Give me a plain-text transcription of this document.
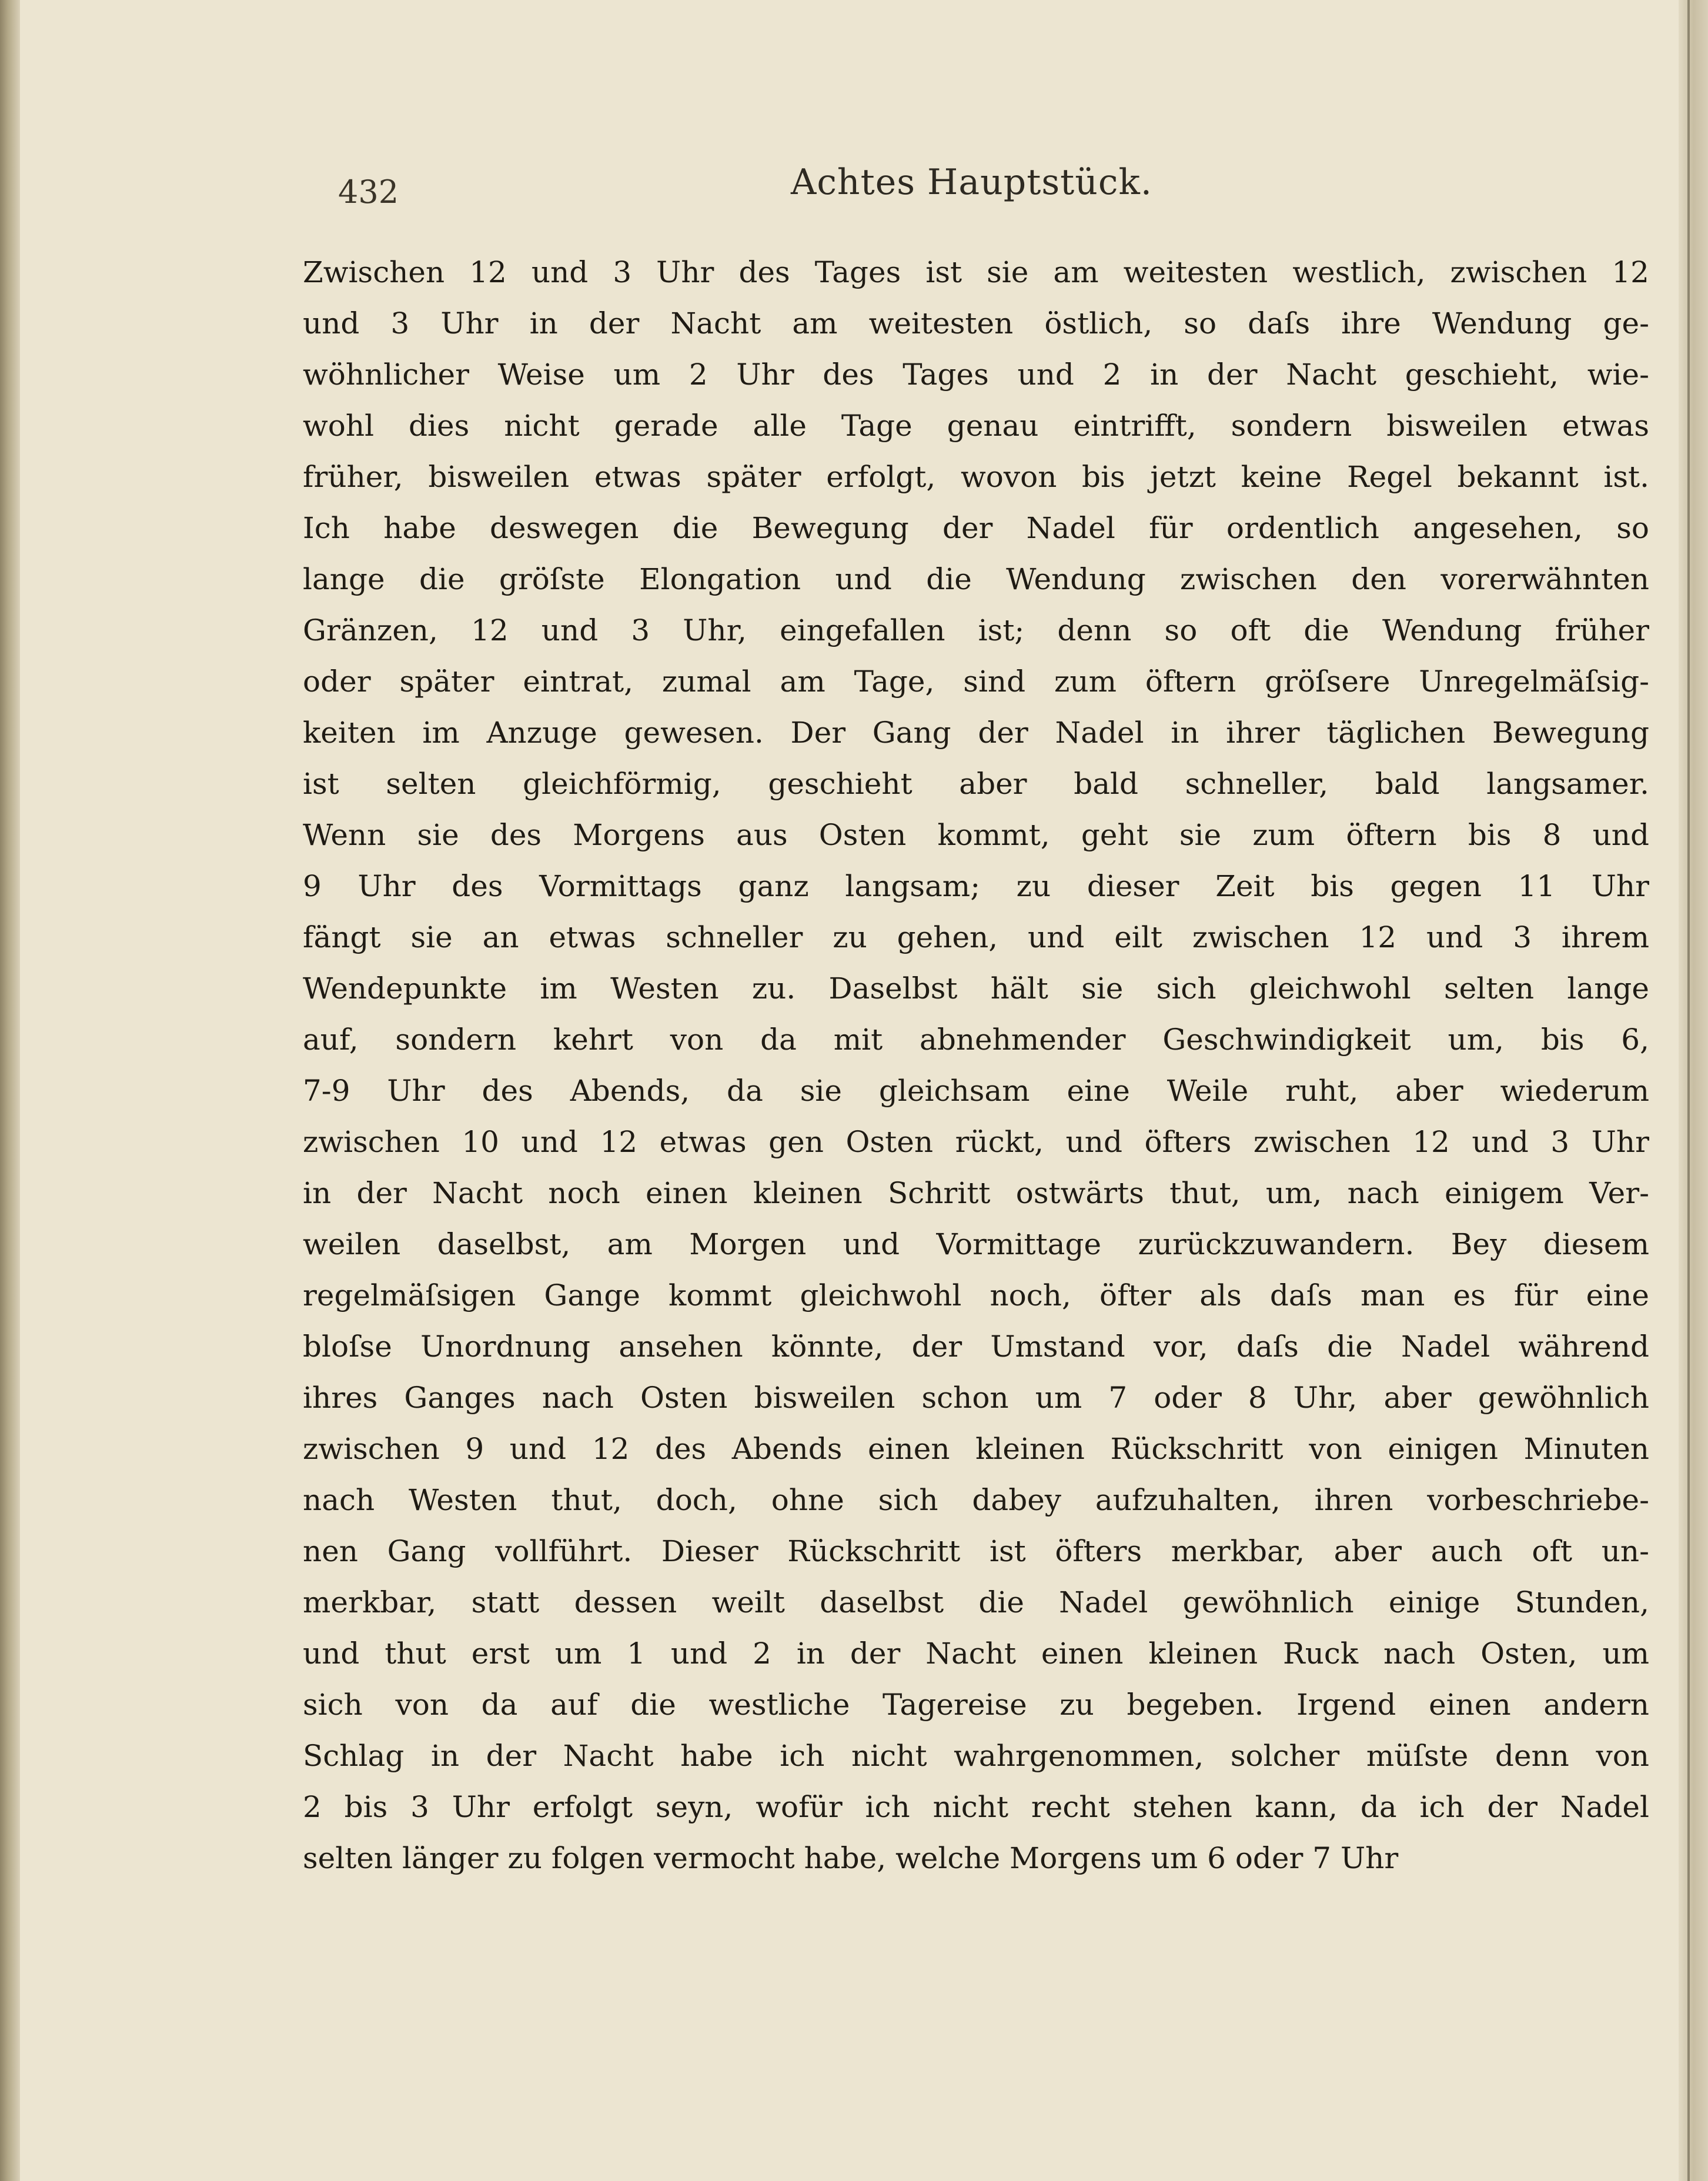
432	Achtes Hauptstück.
Zwischen 12 und 3 Uhr des Tages ist sie am weitesten westlich, zwischen 12
und 3 Uhr in der Nacht am weitesten östlich, so daſs ihre Wendung ge-
wöhnlicher Weise um 2 Uhr des Tages und 2 in der Nacht geschieht, wie-
wohl dies nicht gerade alle Tage genau eintrifft, sondern bisweilen etwas
früher, bisweilen etwas später erfolgt, wovon bis jetzt keine Regel bekannt ist.
Ich habe deswegen die Bewegung der Nadel für ordentlich angesehen, so
lange die gröſste Elongation und die Wendung zwischen den vorerwähnten
Gränzen, 12 und 3 Uhr, eingefallen ist; denn so oft die Wendung früher
oder später eintrat, zumal am Tage, sind zum öftern gröſsere Unregelmäſsig-
keiten im Anzuge gewesen. Der Gang der Nadel in ihrer täglichen Bewegung
ist selten gleichförmig, geschieht aber bald schneller, bald langsamer.
Wenn sie des Morgens aus Osten kommt, geht sie zum öftern bis 8 und
9 Uhr des Vormittags ganz langsam; zu dieser Zeit bis gegen 11 Uhr
fängt sie an etwas schneller zu gehen, und eilt zwischen 12 und 3 ihrem
Wendepunkte im Westen zu. Daselbst hält sie sich gleichwohl selten lange
auf, sondern kehrt von da mit abnehmender Geschwindigkeit um, bis 6,
7-9 Uhr des Abends, da sie gleichsam eine Weile ruht, aber wiederum
zwischen 10 und 12 etwas gen Osten rückt, und öfters zwischen 12 und 3 Uhr
in der Nacht noch einen kleinen Schritt ostwärts thut, um, nach einigem Ver-
weilen daselbst, am Morgen und Vormittage zurückzuwandern. Bey diesem
regelmäſsigen Gange kommt gleichwohl noch, öfter als daſs man es für eine
bloſse Unordnung ansehen könnte, der Umstand vor, daſs die Nadel während
ihres Ganges nach Osten bisweilen schon um 7 oder 8 Uhr, aber gewöhnlich
zwischen 9 und 12 des Abends einen kleinen Rückschritt von einigen Minuten
nach Westen thut, doch, ohne sich dabey aufzuhalten, ihren vorbeschriebe-
nen Gang vollführt. Dieser Rückschritt ist öfters merkbar, aber auch oft un-
merkbar, statt dessen weilt daselbst die Nadel gewöhnlich einige Stunden,
und thut erst um 1 und 2 in der Nacht einen kleinen Ruck nach Osten, um
sich von da auf die westliche Tagereise zu begeben. Irgend einen andern
Schlag in der Nacht habe ich nicht wahrgenommen, solcher müſste denn von
2 bis 3 Uhr erfolgt seyn, wofür ich nicht recht stehen kann, da ich der Nadel
selten länger zu folgen vermocht habe, welche Morgens um 6 oder 7 Uhr
